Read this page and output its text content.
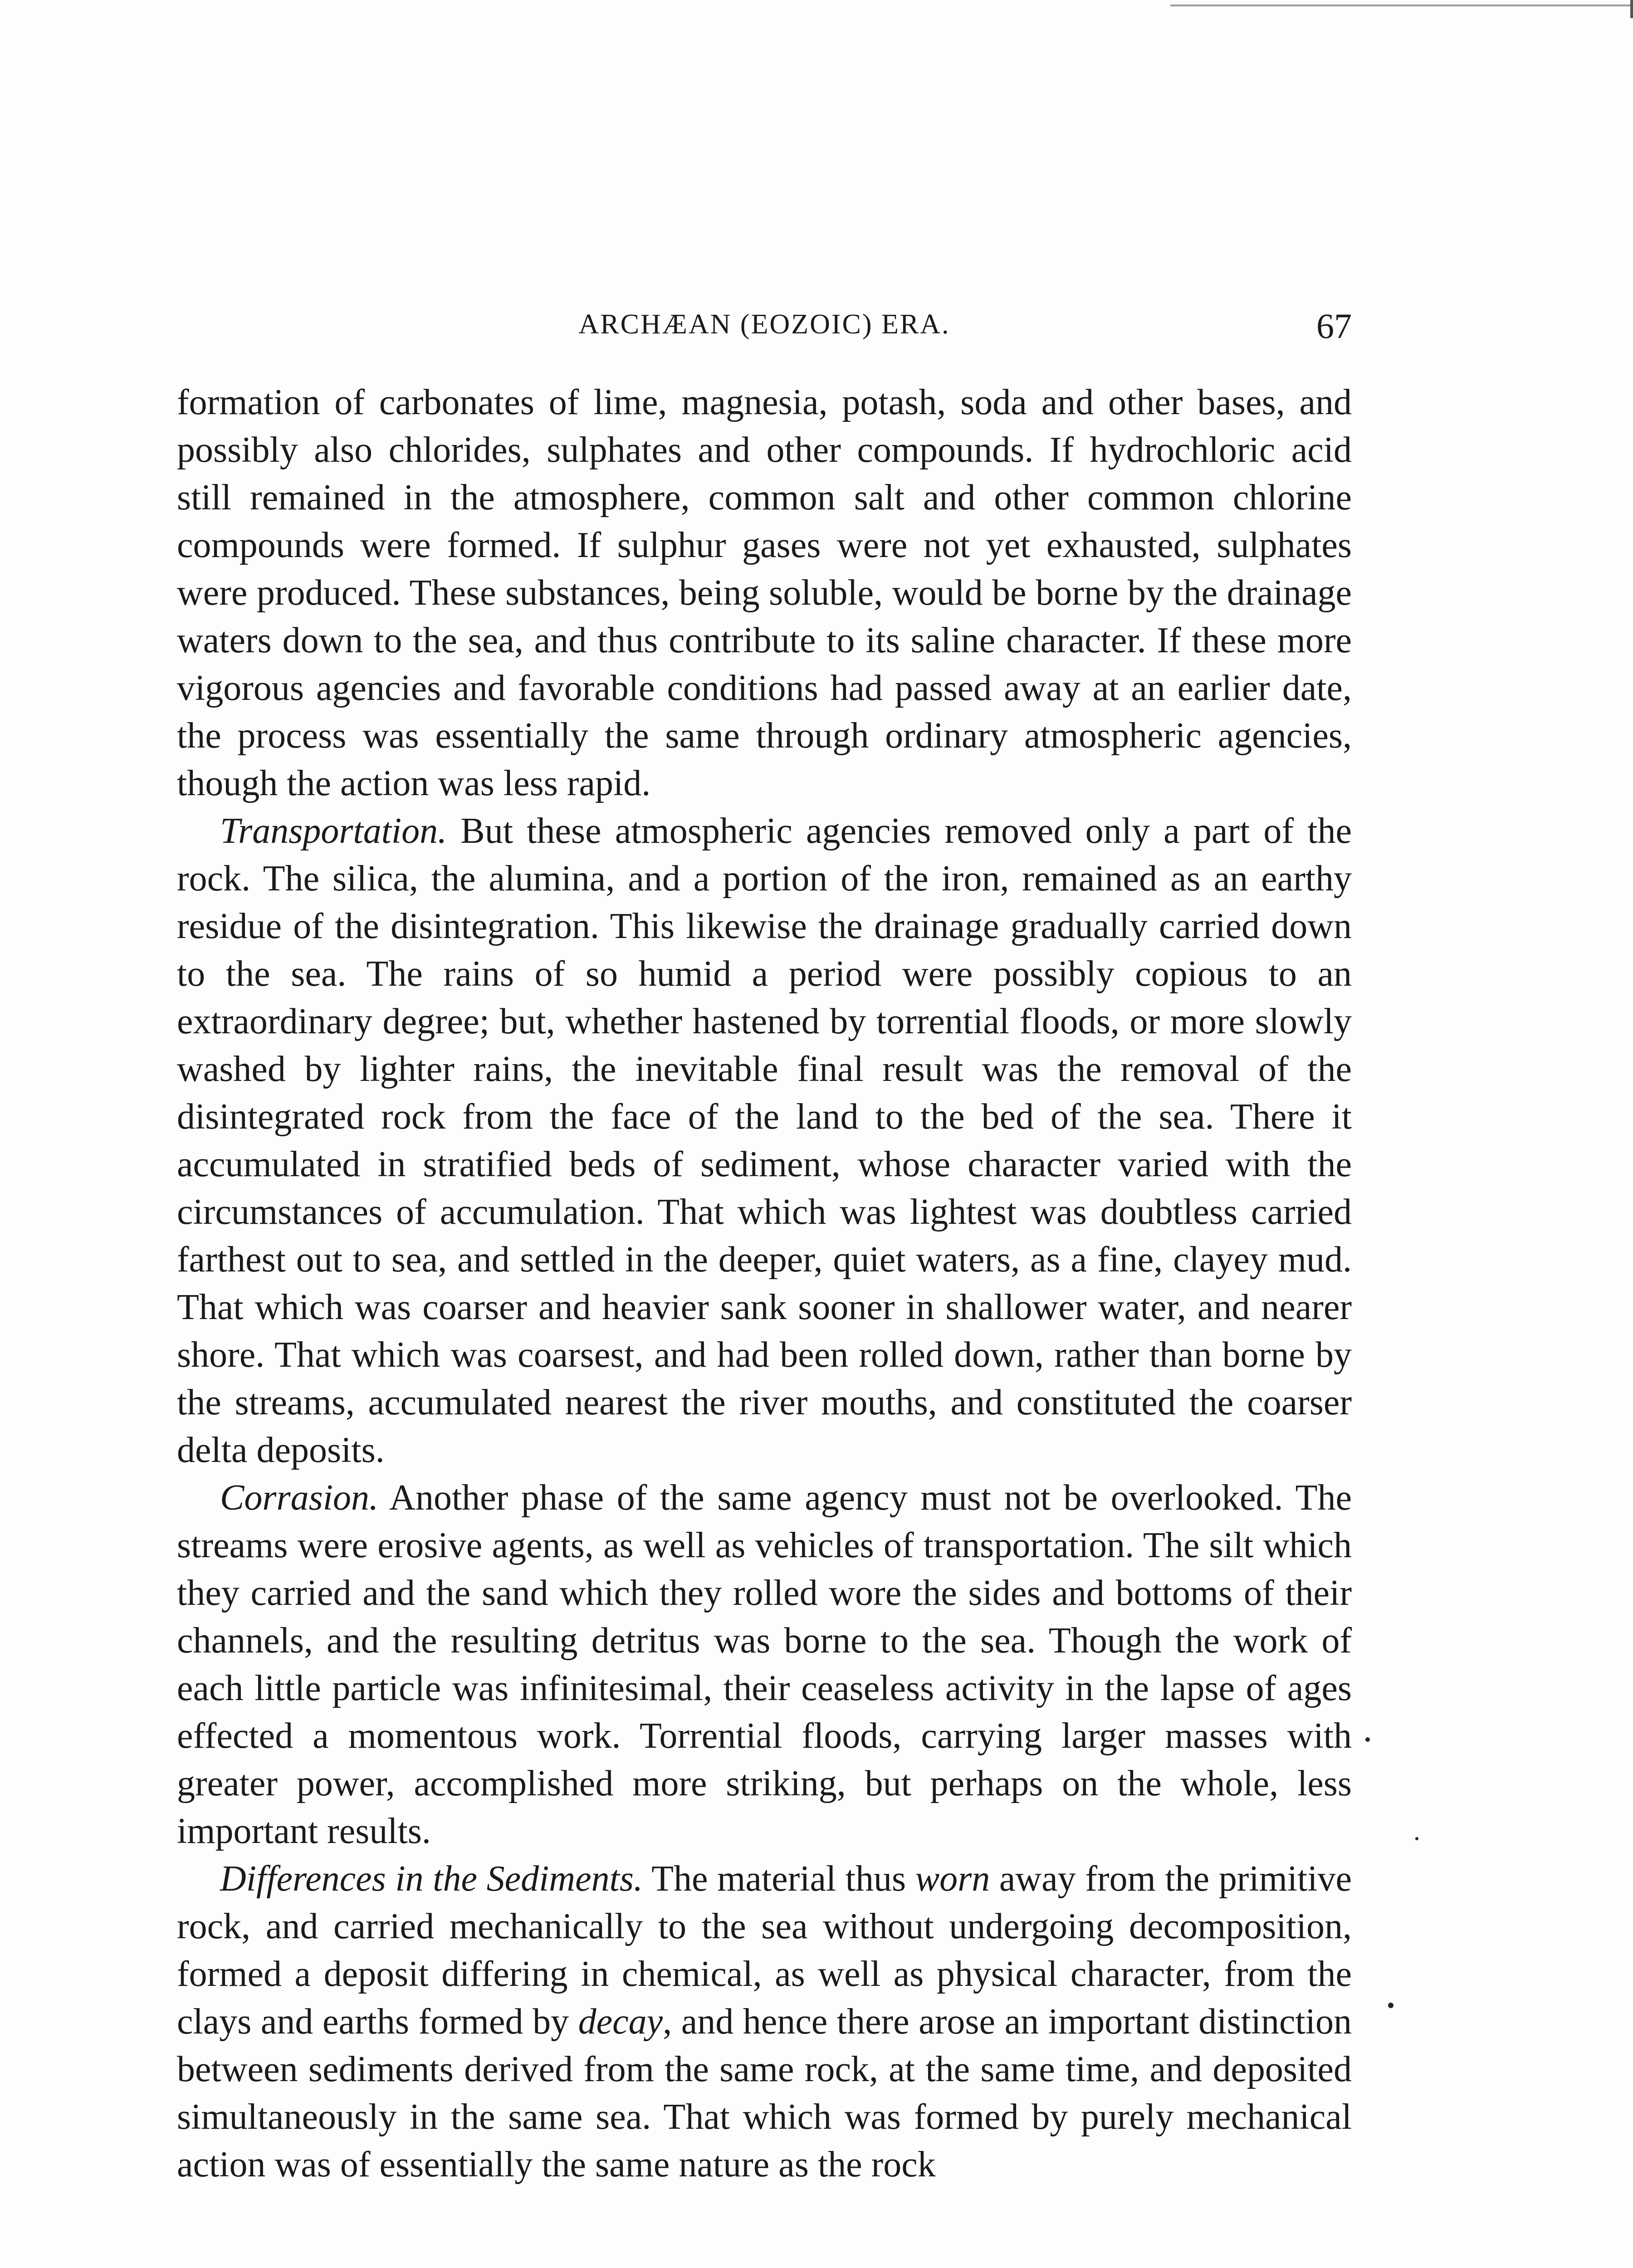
ARCHÆAN (EOZOIC) ERA.	67

formation of carbonates of lime, magnesia, potash, soda and other bases, and possibly also chlorides, sulphates and other compounds. If hydrochloric acid still remained in the atmosphere, common salt and other common chlorine compounds were formed. If sulphur gases were not yet exhausted, sulphates were produced. These substances, being soluble, would be borne by the drainage waters down to the sea, and thus contribute to its saline character. If these more vigorous agencies and favorable conditions had passed away at an earlier date, the process was essentially the same through ordinary atmospheric agencies, though the action was less rapid.

Transportation. But these atmospheric agencies removed only a part of the rock. The silica, the alumina, and a portion of the iron, remained as an earthy residue of the disintegration. This likewise the drainage gradually carried down to the sea. The rains of so humid a period were possibly copious to an extraordinary degree; but, whether hastened by torrential floods, or more slowly washed by lighter rains, the inevitable final result was the removal of the disintegrated rock from the face of the land to the bed of the sea. There it accumulated in stratified beds of sediment, whose character varied with the circumstances of accumulation. That which was lightest was doubtless carried farthest out to sea, and settled in the deeper, quiet waters, as a fine, clayey mud. That which was coarser and heavier sank sooner in shallower water, and nearer shore. That which was coarsest, and had been rolled down, rather than borne by the streams, accumulated nearest the river mouths, and constituted the coarser delta deposits.

Corrasion. Another phase of the same agency must not be overlooked. The streams were erosive agents, as well as vehicles of transportation. The silt which they carried and the sand which they rolled wore the sides and bottoms of their channels, and the resulting detritus was borne to the sea. Though the work of each little particle was infinitesimal, their ceaseless activity in the lapse of ages effected a momentous work. Torrential floods, carrying larger masses with greater power, accomplished more striking, but perhaps on the whole, less important results.

Differences in the Sediments. The material thus worn away from the primitive rock, and carried mechanically to the sea without undergoing decomposition, formed a deposit differing in chemical, as well as physical character, from the clays and earths formed by decay, and hence there arose an important distinction between sediments derived from the same rock, at the same time, and deposited simultaneously in the same sea. That which was formed by purely mechanical action was of essentially the same nature as the rock
